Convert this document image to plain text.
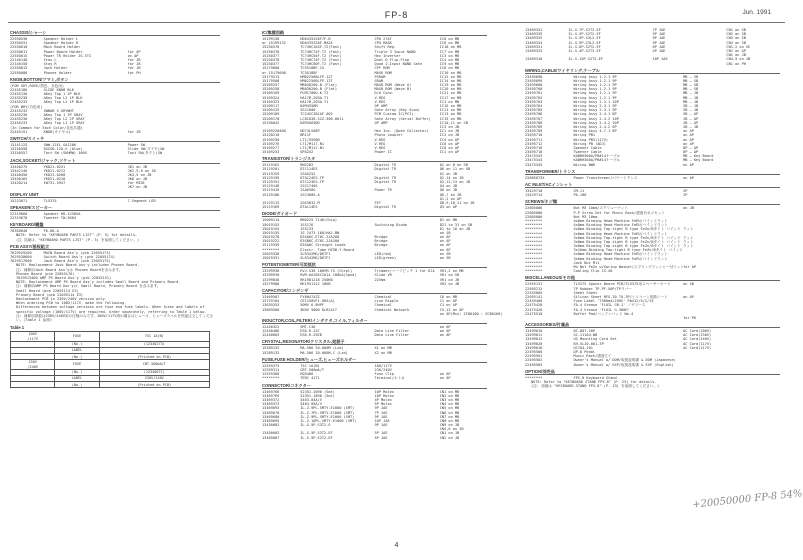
FP-8	Jun. 1991
CHASSIS/シャーシ
22550530	Speaker Holder L
22550531	Speaker Holder R
22550010	Main Board Holder
22550611	Power Board Holder	for AP
22550015	Power TR Holder 2S.STI	on AP
22140148	Stay L	for JB
22140150	Stay R	for JB
22550013	Jack Holder	for JB
22550008	Phones Holder	for PH
KNOB,BOTTON/ツマミ,ボタン
(FOR GRY,ROSE/黒色、赤色用)
22455180	SLIDE KNOB BLK
22455130	AKey Top 1 2P BLK
22455230	AKey Top L2 1P BLK
22455233	AKey Top L2 1P BLK
(FOR WHY/白色用)
22455232	SWNOB S GRYWHT
22455230	AKey Top 1 2P GRAY
22455230	AKey Top L2 2P GRAY
22455233	AKey Top L2 1P GRAY
(In Common for Each Color/各色共通)
22455151	KNOB(ダイヤル)	for JB
SWITCH/スイッチ
13141123	SWW-12EL GA120K	Power SW
13150558	DSSSB-12A-G (blue)	Slide SW(ダイヤ)SW
13150557	Tact SW (SKHMW) 1005	Tact SW(タクト)SW
JACK,SOCKET/ジャック,ソケット
13440275	YKD21-0231	J61 on JB
13442146	YKD21-0212	JK2,5,6 on JB
13440450	YKD21-0268	JK4,5 on JB
13450165	YKD21-0218	JK8 on JB
13420214	IW751-5947	for MIDI
JK7 on JB
DISPLAY UNIT
15223071	TL5375	7-Segment LED
SPEAKER/スピーカー
22319660	Speaker RD-12305A
22319670	Tweeter TW-5004
KEYBOARD/鍵盤
76350040	FK-88-A
NOTE: Refer to "KEYBOARD PARTS LIST" (P. 5) for details.
(注 詳細は、"KEYBOARD PARTS LIST" (P. 5) を参照してください。)
PCB ASSY/基板組立
7629529200	MAIN Board Ass'y (pcb 22055173)
7629530600	Switch Board Ass'y (pcb 22055174)
7629517600	Jack Board Ass'y (pcb 22055175)
NOTE: Replacement Jack Board Ass'y includes Phones Board.
注: 補修用Jack Board Ass'yは Phones Boardを含みます。
Phones Board (pcb 22055176)
7629513400 AMP PS Board Ass'y (pcb 22055151)
NOTE: Replacement AMP PS Board Ass'y includes Small Board and Primary Board.
注: 補修用AMP PS Board Ass'yは、Small Board, Primary Board を含みます。
Small Board (pcb 22055114 E3)
Primary Board (pcb 22055114 E3)
Replacement PCB is 230V/240V version only.
When ordering PCB to 100V/117V, make the following.
Differences between voltage versions are fuse and fuse labels. When fuses and labels of specific voltage (100V/117V) are required, order separately, referring to Table 1 below.
注: 補修用基板は230V/240V用の仕様のみです。100V/117V用の場合はヒューズ、ヒューズラベルを別途注文してください。(Table 1 参照)
Table 1
100V
/117V	FUSE	T5C 1A(N)
	(No.)	(12340273)
	LABEL	
	(No.)	(Printed on PCB)
230V
/240V	FUSE	CBT-500mA/T
	(No.)	(12340071)
	LABEL	230V/240V
	(No.)	(Printed on PCB)
IC/集積回路
15199130	HD6435328F7F-B	CPU 27AT	IC6 on MB
or 15199132	HD6435328F-MA2X	CPU MASK	IC6 on MB
15250378	TC74HC164F-T2(Fast)	Shift Reg.	IC18 on MB
15250378	TC74HC74F-T2 (Fast)	Triple 3 Input NAND	IC7 on MB
15250377	TC74HC04F-T2 (Fast)	Hex Inverter	IC3 on MB
15250378	TC74HC74F-T2 (Fast)	Dual D Flip-Flop	IC4 on MB
15250377	TC74HC00F-T2 (Fast)	Quad 2-Input NAND Gate	IC9 on MB
15179600	TC5518BF-15	CPF ROM	IC8 on MB
or 15179608	TC5518BF	MASK ROM	IC10 on MB
15179513	HM62256BLFP-12T	PSRAM	IC12 on MB
15179508	HM62256BLFP-12T	SRAM	IC14 on MB
15209257	MB838200-B (Flat)	MASK ROM (Wave A)	IC19 on MB
15209258	MB838200-B (Flat)	MASK ROM (Wave B)	IC20 on MB
15209109	PCM1700U-K-T2	D/A Conv.	IC21 on MB
15169324	HA17B,203A-T1	V-REG	IC17 on MB
15169323	HA17B,203A-T1	V-REG	IC1 on MB
15209117	NJM4558M	OP AMP	IC16 on MB
15209125	5SC1000	Gate Array (Key Scan)	IC11 on MB
15209109	TC24SC381AF-002	PCM Custom IC(PCI)	IC13 on MB
15209170	LC81038-52Z-506-0011	Gate Array (Serial Buffer)	IC15 on MB
15190042	NJM4565DD	OP AMP	IC10,11 on JB
IC3 on JB
15169220400	HD74LS06P	Hex Inv. (Open Collector)	IC1 on JB
15220210	BR11F	Photo coupler	IC2 on JB
15169250	LT1/5590R	V-REG	IC4 on AP
15169276	LT1/M117-N1	V-REG	IC6 on AP
15169277	LT1/M117-N1	V-REG	IC6 on AP
15169253	UPA2X2	Power IC	IC1 on AP
TRANSISTOR/トランジスタ
15119162	RN2202	Digital TR	Q1 on 8 on SB
15129201	DTC114ES	Digital TR	Q6 on 11 on SB
15119159	2SA5252	Q1 on JB
15129199	DTA124ES-TP	Digital TR	Q2,14 on JB
15129191	DTC124ES-TP	Digital TR	Q3,12,13 on JB
15129148	2SC1740S	Q4 on JB
15119419	2SA650G	Power TR	Q6 on JB
15129186	2SC3609-A	Q6,7 on JB
Q1,2 on AP
15129113	2SK3832-M	FET	Q8,9,10,11 on JB
15119169	DTA114ES	Digital TR	Q3 on AP
DIODE/ダイオード
15009114	RB0225 T146(Chip)	D1 on MB
15019153	1SS176	Switching Diode	D21 to 31 on SB
15019155	1SS133	D1 to 16 on JB
15019155	1S 2473 168/HAJ-BN	on JB
15019278	D3SA6C-E70C-2JA200	Bridge	on AP
15019222	D3SB6C-E70C-2JA200	Bridge	on AP
15119339	D3SA6C Straight Leads	Bridge	on AP
********	Electr. Tube HZ5B-Y Board	on AP
15029330	SLR342MG/DKTF1	LED(red)	on SB
15029331	SLR342MG/DKTF1	LED(green)	on SB
POTENTIOMETER/可変抵抗
13299936	EVJ-S30 100VM-TG (Chrpl)	Trimmer/ハーフピッチ 1 for Dlk	VR1,2 on MB
13299930	RVM-0A105C2A14 100kA(Spsd)	Slide VR	VR1 on SB
13299848	RK1981218 250KB	225mm	VR1 on JB
13279988	RK1951112 10KB	VR2 on JB
CAPACITOR/コンデンサ
13469507	FY0H474ZZ	Chemical	C6 on MB
13729104	CE1150VF1.0RA(A)	Line Ripple	C1 on AP
13639253	50MV 6.8HPF	Chemical	C1 on AP
13669500	5KHV 5000 KLB14LT	Chemical Network	C5,12 on AP
on AP(Mix: ZC80100 : ZC80160)
INDUCTOR,COIL,FILTER/インダクタ,コイル,フィルター
12440322	SMT-C40	on AP
12440406	ESD-R-12C	Data Line Filter	on AP
12440003	ESD-R-25ED	Data Line Filter	on AP
CRYSTAL,RESONATOR/クリスタル,発振子
15289132	MA-506 20.000M (Lzd)	X1 on MB
15289133	MA-506 20.000M-C (Lzd)	X2 on MB
FUSE,FUSE HOLDER/ヒューズ,ヒューズホルダー
12559373	T5C 1A(N)	100/117V
12559311	CBT-500mA/T	230/240V
12559368	HQ5466	Fuse Clip	on AP
********	TER1 4171	Terminal/ホトカ	on AP
CONNECTOR/コネクター
13469766	52351-1090 (Smt)	10P Molex	CN1 on MB
13469769	52351-1890 (Smt)	18P Molex	CN2 on MB
13469372	5463-04A/V	4P Molex	CN3 on MB
13469373	5463-05A/V	5P Molex	CN4 on MB
13469693	IL-Z-9PL-SMTY-E1000 (SMT)	9P JAE	CN5 on MB
13469670	IL-Z-7PL-SMTY-E1000 (SMT)	7P JAE	CN6 on MB
13469680	IL-Z-9PL-SMTY-E1000 (SMT)	9P JAE	CN7 on MB
13469695	IL-Z-10PL-SMTY-E1000 (SMT)	10P JAE	CN8 on MB
13450002	IL-G-9P-S3T2-E	9P JAE	CN9 on JB
CN4,6 on JB
13450003	IL-G-5P-S3T2-EF	5P JAE	CN1 on JB
13469807	IL-S-5P-S2T2-EF	5P JAE	CN2 on JB
13469341	IL-S-7P-S2T2-EF	7P JAE	CN1 on SB
13469339	IL-S-5P-S2T2-EF	5P JAE	CN2 on SB
13469333	IL-S-9P-S3L2-EF	9P JAE	CN3 on SB
13469334	IL-S-9P-S3L2-EF	9P JAE	CN4 on SB
13469331	IL-S-6P-S2T2-EF	6P JAE	CN1,2 on SE
13469325	IL-S-4P-S2T2-EF	4P JAE	CN1 on AP
CN1 on JB
13469318	IL-S-10P-S2T2-EF	10P JAE	CN4,5 on JB
CN1 on PH
WIRING,CABLE/ワイヤリング,ケーブル
23495698	Wiring Assy 1-2-1 9P	MB — SB
23495699	Wiring Assy 1-2-1 9P	MB — SB
23495600	Wiring Assy 1-2-1 9P	MB — SB
23495700	Wiring Assy 1-2-1 9P	MB — SB
23495701	Wiring Assy 1-2-1 9P	MB — JB
23495702	Wiring Assy 1-2-1 9P	MB — JB
23495703	Wiring Assy 2-3-1 10P	MB — JB
23495704	Wiring Assy 2-3-1 9P	SB — JB
23495705	Wiring Assy 2-3-1 9P	SB — JB
23495706	Wiring Assy 2-4-1 8P	SB — AP
23495707	Wiring Assy 2-4-2 10P	JB — AP
23495708	Wiring Assy 2-4-2 10P	JB — AP
23495709	Wiring Assy 2-4-2 6P	SB — JB
23495709	Wiring Assy 4-7-1 8P	on AP
23495710	Wiring PB1	on AP
23495711	Wiring PB3(117V)	on AP
23495712	Wiring PB (ADJ)	on AP
23495718	Speaker Cable	8P — AP
23495718	Tweeter Cable	6P — AP
23475343	KABRH300A/PB#14ケーブル	MB — Key Board
23475344	KABRH300A/PB#14ケーブル	MB — Key Board
23475345	Wiring NWK	on AP
TRANSFORMER/トランス
22685073X	Power Transformer/パワートランス	on AP
AC INLET/ACインレット
13429710	CM-11	2P
13429714	PA-106	2P
SCREWS/ネジ類
22805006	Nut M3 10mm/スクリューナット	on JB
22805080	P-P Screw Set for Music Rack/譜面台ネジセット
22805006	Nut M3 10mm
********	4x8mm Binding Head Machine FeEU/バインドラット
********	4x8mm Binding Head Machine FeEU/バインドラット
********	4x8mm Binding Tap-tight B type FeZn/Bタイト バインド ラット
********	4x8mm Binding Head Machine FeEU/バインドラット
********	3x6mm Binding Tap-tight B type FeZn/Bタイト バインド ラット
********	3x8mm Binding Tap-tight B type FeZn/Bタイト バインド ラット
********	3x8mm Binding Tap-tight B type FeZn/Bタイト バインド ラット
********	3x10mm Binding Tap-tight B type FeZn/Bタイト バインド
********	4x8mm Binding Head Machine FeEU/バインドラット
********	3x6mm Binding Head Machine FeEU/バインドラット
********	Jack Nut M11
********	M4 Nut FeZn w/Spring Washer/スプリングワッシャー付ナット for AP
********	Cooling Clip CS-40
MISCELLANEOUS/その他
22555131	TL5375 Spacer Board PCB/TL5375用スペーサーボード	on SB
22505212	TP Rubber TP-PF-50P/TPラバー
22555005	Sheet Sheet
22055141	Silicon Sheet BFG-20 TO-3P/シリコーン放熱シート	on AP
22459400	Fuse Label 'T500mA/250V' Pb412/5/2/15
22475420	FA-4 Grease 'FLOIL GR-1' ／グリース
22475420	FA-4 Grease 'FLOIL G-386H'
22475510	Buffer Pad/バッファパッド No.4
for P6
ACCESSORIES/付属品
13499010	DC-807-20P	AC Cord(100V)
13499011	SC-11104-W8	AC Cord(230V)
13499012	US Mounting Cord Set	AC Cord(240V)
13499020	KH-5LJ0-001-3P	AC Cord(117V)
13499016	UC704-J01	AC Cord(117V)
22495500	DP-8 Pedal
22495501	Music Rack/譜面立て
22495502	Owner's Manual w/ DOM/取扱説明書 & DOM (Japanese)
22495503	Owner's Manual w/ EXP/取扱説明書 & EXP (English)
OPTION/別売品
********	FPS-8 Keyboard Stand
NOTE: Refer to "KEYBOARD STAND FPS-8" (P. 23) for details.
(注: 詳細は "KEYBOARD STAND FPS-8" (P. 23) を参照してください。)
+20050000 FP-8 54%
4
